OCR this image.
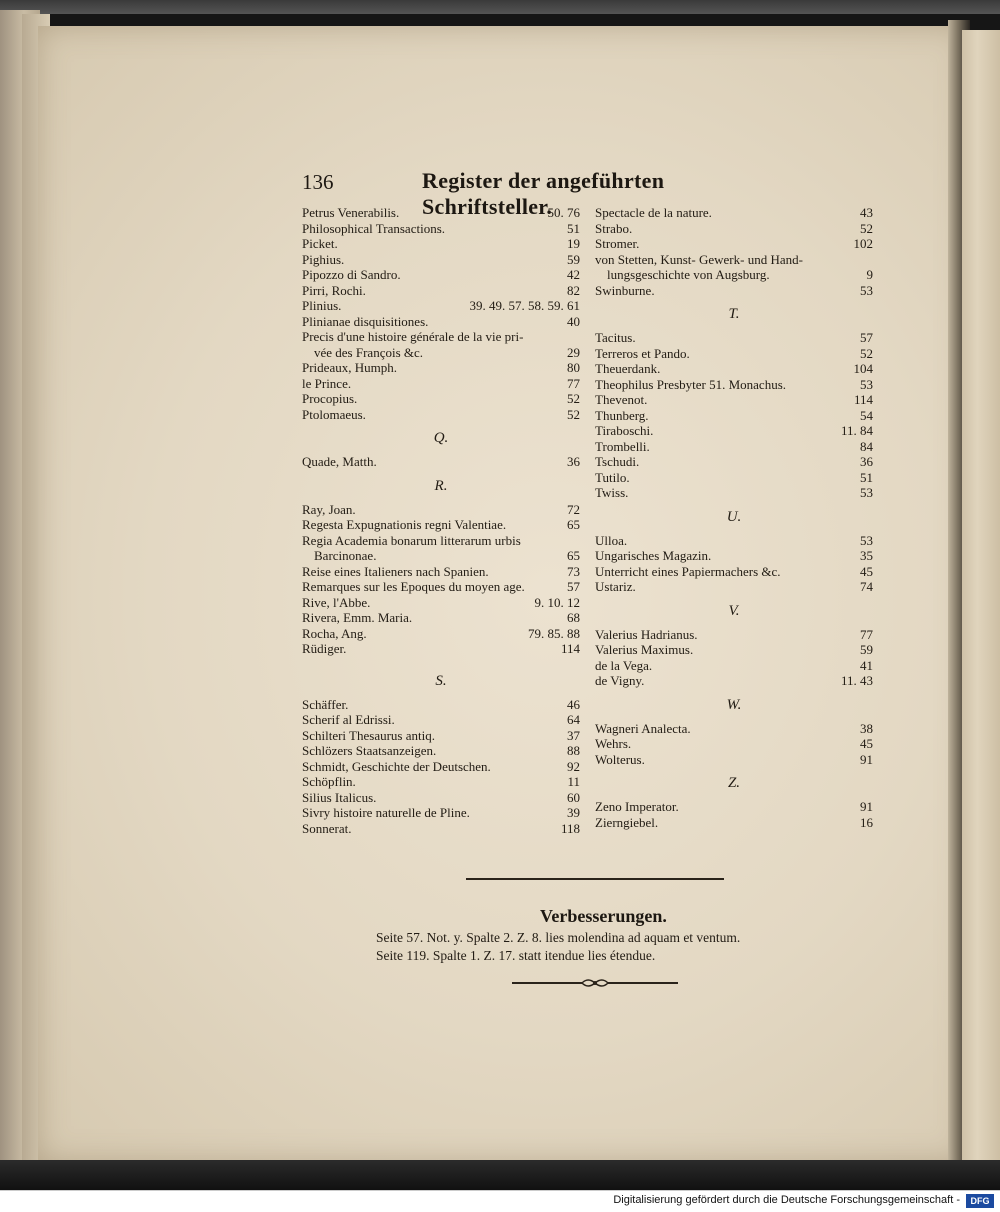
136	Register der angeführten Schriftsteller.
Petrus Venerabilis.	50. 76
Philosophical Transactions.	51
Picket.	19
Pighius.	59
Pipozzo di Sandro.	42
Pirri, Rochi.	82
Plinius.	39. 49. 57. 58. 59. 61
Plinianae disquisitiones.	40
Precis d'une histoire générale de la vie pri-
vée des François &c.	29
Prideaux, Humph.	80
le Prince.	77
Procopius.	52
Ptolomaeus.	52
Q.
Quade, Matth.	36
R.
Ray, Joan.	72
Regesta Expugnationis regni Valentiae.	65
Regia Academia bonarum litterarum urbis
Barcinonae.	65
Reise eines Italieners nach Spanien.	73
Remarques sur les Epoques du moyen age.	57
Rive, l'Abbe.	9. 10. 12
Rivera, Emm. Maria.	68
Rocha, Ang.	79. 85. 88
Rüdiger.	114
S.
Schäffer.	46
Scherif al Edrissi.	64
Schilteri Thesaurus antiq.	37
Schlözers Staatsanzeigen.	88
Schmidt, Geschichte der Deutschen.	92
Schöpflin.	11
Silius Italicus.	60
Sivry histoire naturelle de Pline.	39
Sonnerat.	118
Spectacle de la nature.	43
Strabo.	52
Stromer.	102
von Stetten, Kunst- Gewerk- und Hand-
lungsgeschichte von Augsburg.	9
Swinburne.	53
T.
Tacitus.	57
Terreros et Pando.	52
Theuerdank.	104
Theophilus Presbyter 51. Monachus.	53
Thevenot.	114
Thunberg.	54
Tiraboschi.	11. 84
Trombelli.	84
Tschudi.	36
Tutilo.	51
Twiss.	53
U.
Ulloa.	53
Ungarisches Magazin.	35
Unterricht eines Papiermachers &c.	45
Ustariz.	74
V.
Valerius Hadrianus.	77
Valerius Maximus.	59
de la Vega.	41
de Vigny.	11. 43
W.
Wagneri Analecta.	38
Wehrs.	45
Wolterus.	91
Z.
Zeno Imperator.	91
Zierngiebel.	16
Verbesserungen.
Seite 57. Not. y. Spalte 2. Z. 8. lies molendina ad aquam et ventum.
Seite 119. Spalte 1. Z. 17. statt itendue lies étendue.
Digitalisierung gefördert durch die Deutsche Forschungsgemeinschaft -	DFG
